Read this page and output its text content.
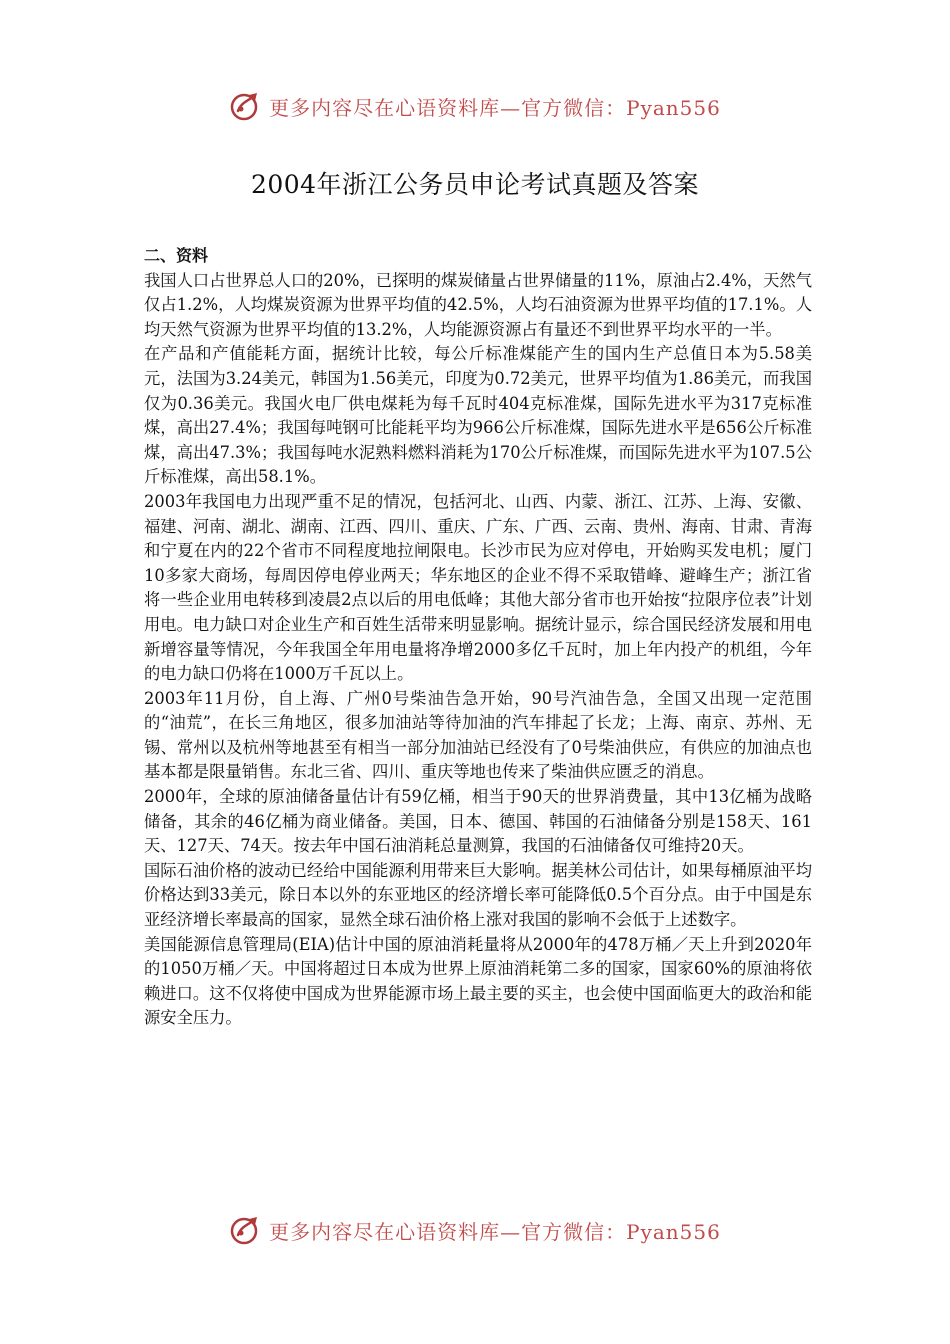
更多内容尽在心语资料库—官方微信：Pyan556
2004年浙江公务员申论考试真题及答案
二、资料

我国人口占世界总人口的20%，已探明的煤炭储量占世界储量的11%，原油占2.4%，天然气仅占1.2%，人均煤炭资源为世界平均值的42.5%，人均石油资源为世界平均值的17.1%。人均天然气资源为世界平均值的13.2%，人均能源资源占有量还不到世界平均水平的一半。

在产品和产值能耗方面，据统计比较，每公斤标准煤能产生的国内生产总值日本为5.58美元，法国为3.24美元，韩国为1.56美元，印度为0.72美元，世界平均值为1.86美元，而我国仅为0.36美元。我国火电厂供电煤耗为每千瓦时404克标准煤，国际先进水平为317克标准煤，高出27.4%；我国每吨钢可比能耗平均为966公斤标准煤，国际先进水平是656公斤标准煤，高出47.3%；我国每吨水泥熟料燃料消耗为170公斤标准煤，而国际先进水平为107.5公斤标准煤，高出58.1%。

2003年我国电力出现严重不足的情况，包括河北、山西、内蒙、浙江、江苏、上海、安徽、福建、河南、湖北、湖南、江西、四川、重庆、广东、广西、云南、贵州、海南、甘肃、青海和宁夏在内的22个省市不同程度地拉闸限电。长沙市民为应对停电，开始购买发电机；厦门10多家大商场，每周因停电停业两天；华东地区的企业不得不采取错峰、避峰生产；浙江省将一些企业用电转移到凌晨2点以后的用电低峰；其他大部分省市也开始按“拉限序位表”计划用电。电力缺口对企业生产和百姓生活带来明显影响。据统计显示，综合国民经济发展和用电新增容量等情况，今年我国全年用电量将净增2000多亿千瓦时，加上年内投产的机组，今年的电力缺口仍将在1000万千瓦以上。

2003年11月份，自上海、广州0号柴油告急开始，90号汽油告急，全国又出现一定范围的“油荒”，在长三角地区，很多加油站等待加油的汽车排起了长龙；上海、南京、苏州、无锡、常州以及杭州等地甚至有相当一部分加油站已经没有了0号柴油供应，有供应的加油点也基本都是限量销售。东北三省、四川、重庆等地也传来了柴油供应匮乏的消息。

2000年，全球的原油储备量估计有59亿桶，相当于90天的世界消费量，其中13亿桶为战略储备，其余的46亿桶为商业储备。美国，日本、德国、韩国的石油储备分别是158天、161天、127天、74天。按去年中国石油消耗总量测算，我国的石油储备仅可维持20天。

国际石油价格的波动已经给中国能源利用带来巨大影响。据美林公司估计，如果每桶原油平均价格达到33美元，除日本以外的东亚地区的经济增长率可能降低0.5个百分点。由于中国是东亚经济增长率最高的国家，显然全球石油价格上涨对我国的影响不会低于上述数字。

美国能源信息管理局(EIA)估计中国的原油消耗量将从2000年的478万桶／天上升到2020年的1050万桶／天。中国将超过日本成为世界上原油消耗第二多的国家，国家60%的原油将依赖进口。这不仅将使中国成为世界能源市场上最主要的买主，也会使中国面临更大的政治和能源安全压力。

更多内容尽在心语资料库—官方微信：Pyan556
